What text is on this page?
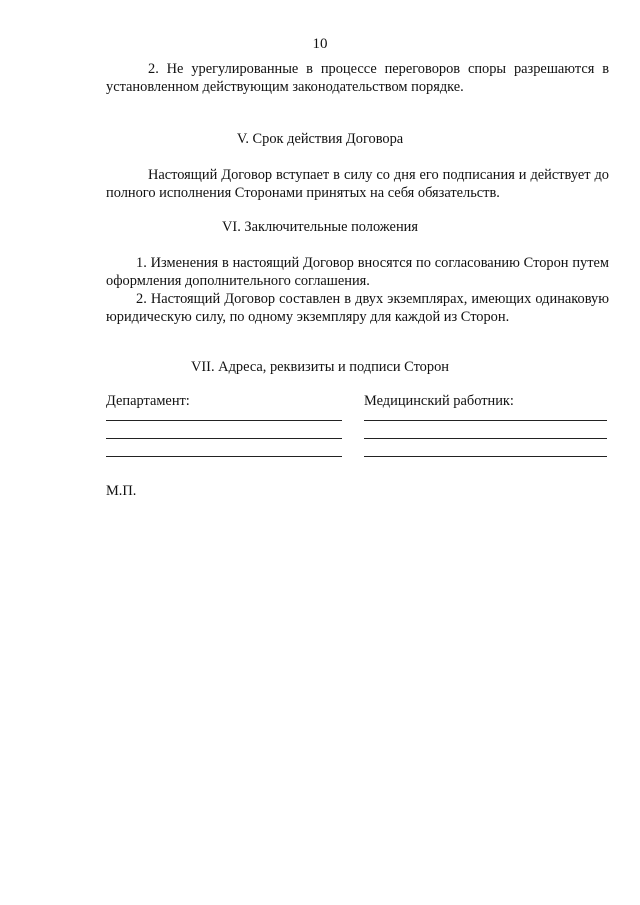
10
2. Не урегулированные в процессе переговоров споры разрешаются в установленном действующим законодательством порядке.
V. Срок действия Договора
Настоящий Договор вступает в силу со дня его подписания и действует до полного исполнения Сторонами принятых на себя обязательств.
VI. Заключительные положения
1. Изменения в настоящий Договор вносятся по согласованию Сторон путем оформления дополнительного соглашения.
2. Настоящий Договор составлен в двух экземплярах, имеющих одинаковую юридическую силу, по одному экземпляру для каждой из Сторон.
VII. Адреса, реквизиты и подписи Сторон
Департамент:	Медицинский работник:
М.П.
